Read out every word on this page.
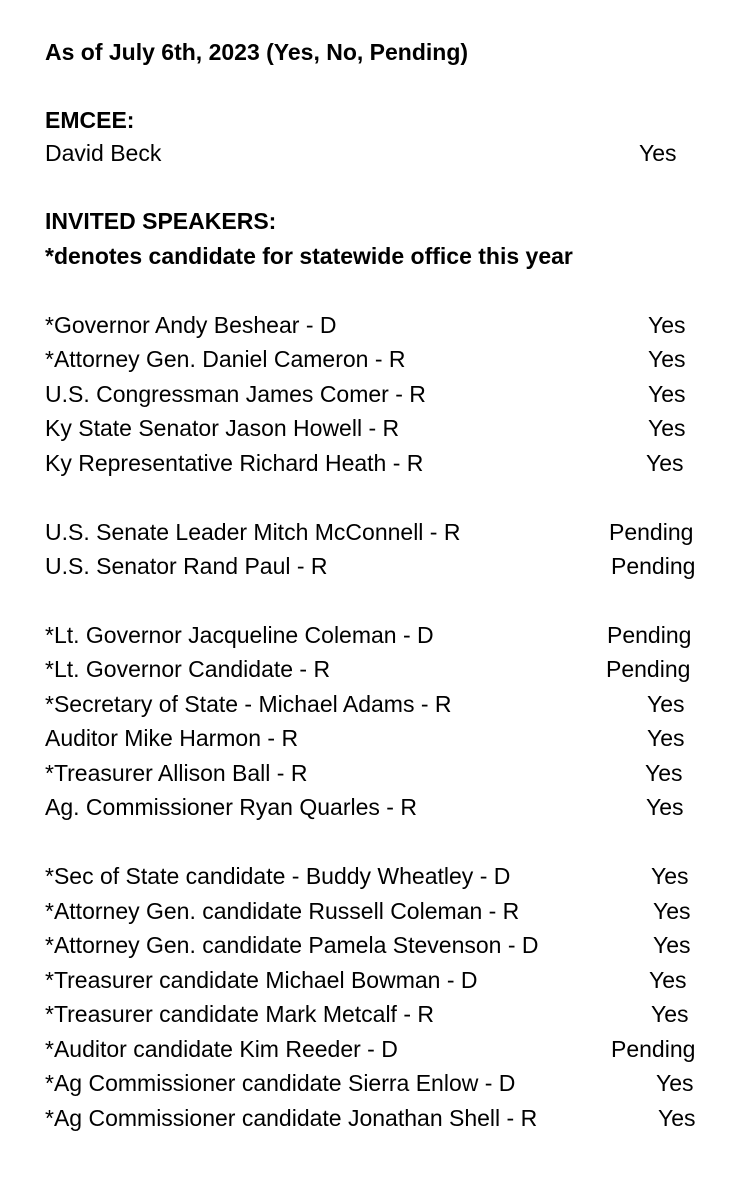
As of July 6th, 2023 (Yes, No, Pending)
EMCEE:
David Beck	Yes
INVITED SPEAKERS:
*denotes candidate for statewide office this year
*Governor Andy Beshear - D	Yes
*Attorney Gen. Daniel Cameron - R	Yes
U.S. Congressman James Comer - R	Yes
Ky State Senator Jason Howell - R	Yes
Ky Representative Richard Heath - R	Yes
U.S. Senate Leader Mitch McConnell - R	Pending
U.S. Senator Rand Paul - R	Pending
*Lt. Governor Jacqueline Coleman - D	Pending
*Lt. Governor Candidate - R	Pending
*Secretary of State - Michael Adams - R	Yes
Auditor Mike Harmon - R	Yes
*Treasurer Allison Ball - R	Yes
Ag. Commissioner Ryan Quarles - R	Yes
*Sec of State candidate - Buddy Wheatley - D	Yes
*Attorney Gen. candidate Russell Coleman - R	Yes
*Attorney Gen. candidate Pamela Stevenson - D	Yes
*Treasurer candidate Michael Bowman - D	Yes
*Treasurer candidate Mark Metcalf - R	Yes
*Auditor candidate Kim Reeder - D	Pending
*Ag Commissioner candidate Sierra Enlow - D	Yes
*Ag Commissioner candidate Jonathan Shell - R	Yes
